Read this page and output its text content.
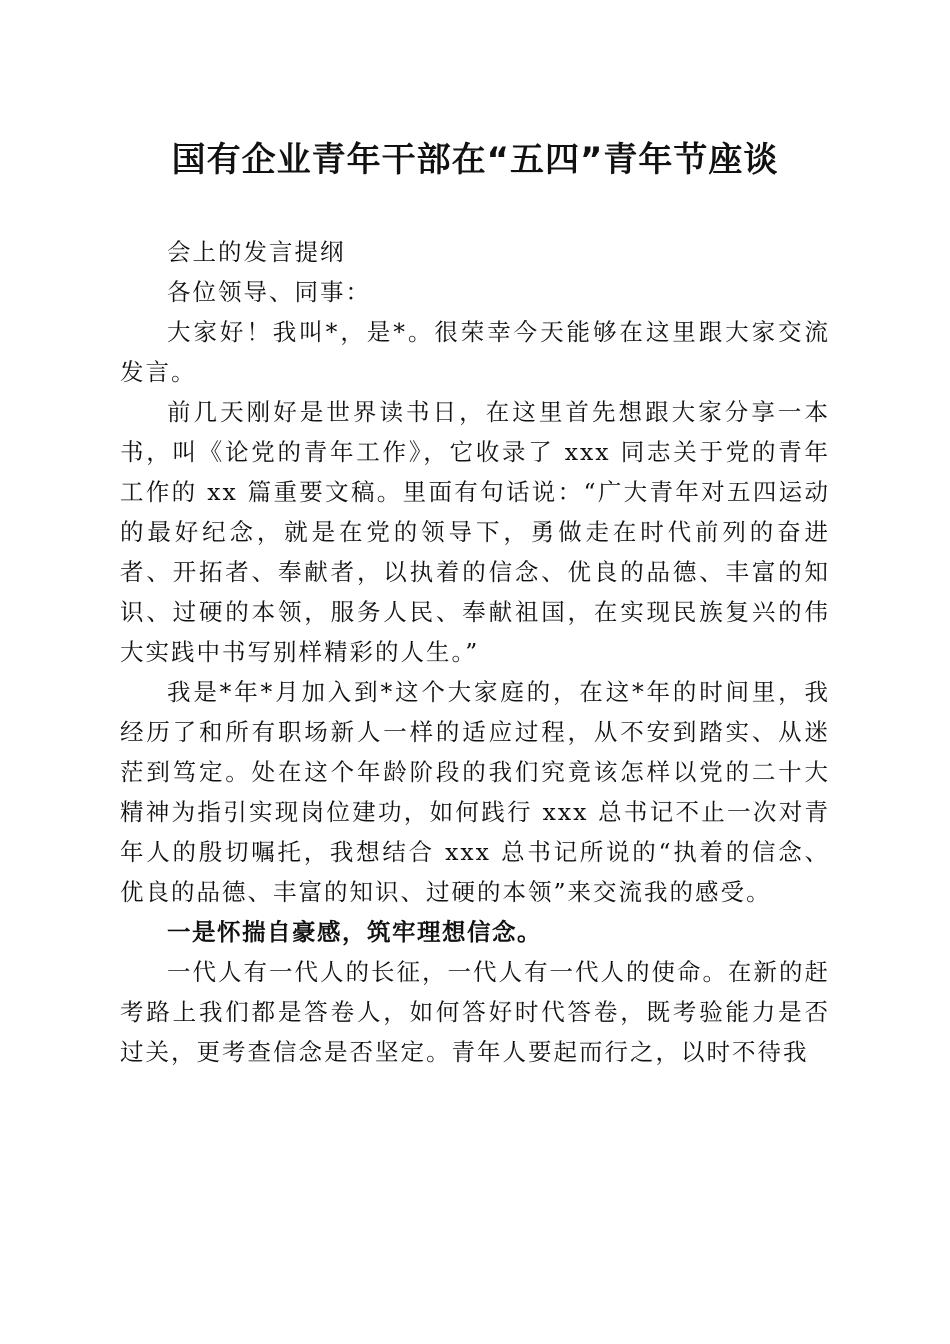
国有企业青年干部在“五四”青年节座谈

会上的发言提纲

各位领导、同事：

大家好！我叫*，是*。很荣幸今天能够在这里跟大家交流发言。

前几天刚好是世界读书日，在这里首先想跟大家分享一本书，叫《论党的青年工作》，它收录了 xxx 同志关于党的青年工作的 xx 篇重要文稿。里面有句话说：“广大青年对五四运动的最好纪念，就是在党的领导下，勇做走在时代前列的奋进者、开拓者、奉献者，以执着的信念、优良的品德、丰富的知识、过硬的本领，服务人民、奉献祖国，在实现民族复兴的伟大实践中书写别样精彩的人生。”

我是*年*月加入到*这个大家庭的，在这*年的时间里，我经历了和所有职场新人一样的适应过程，从不安到踏实、从迷茫到笃定。处在这个年龄阶段的我们究竟该怎样以党的二十大精神为指引实现岗位建功，如何践行 xxx 总书记不止一次对青年人的殷切嘱托，我想结合 xxx 总书记所说的“执着的信念、优良的品德、丰富的知识、过硬的本领”来交流我的感受。

一是怀揣自豪感，筑牢理想信念。

一代人有一代人的长征，一代人有一代人的使命。在新的赶考路上我们都是答卷人，如何答好时代答卷，既考验能力是否过关，更考查信念是否坚定。青年人要起而行之，以时不待我
